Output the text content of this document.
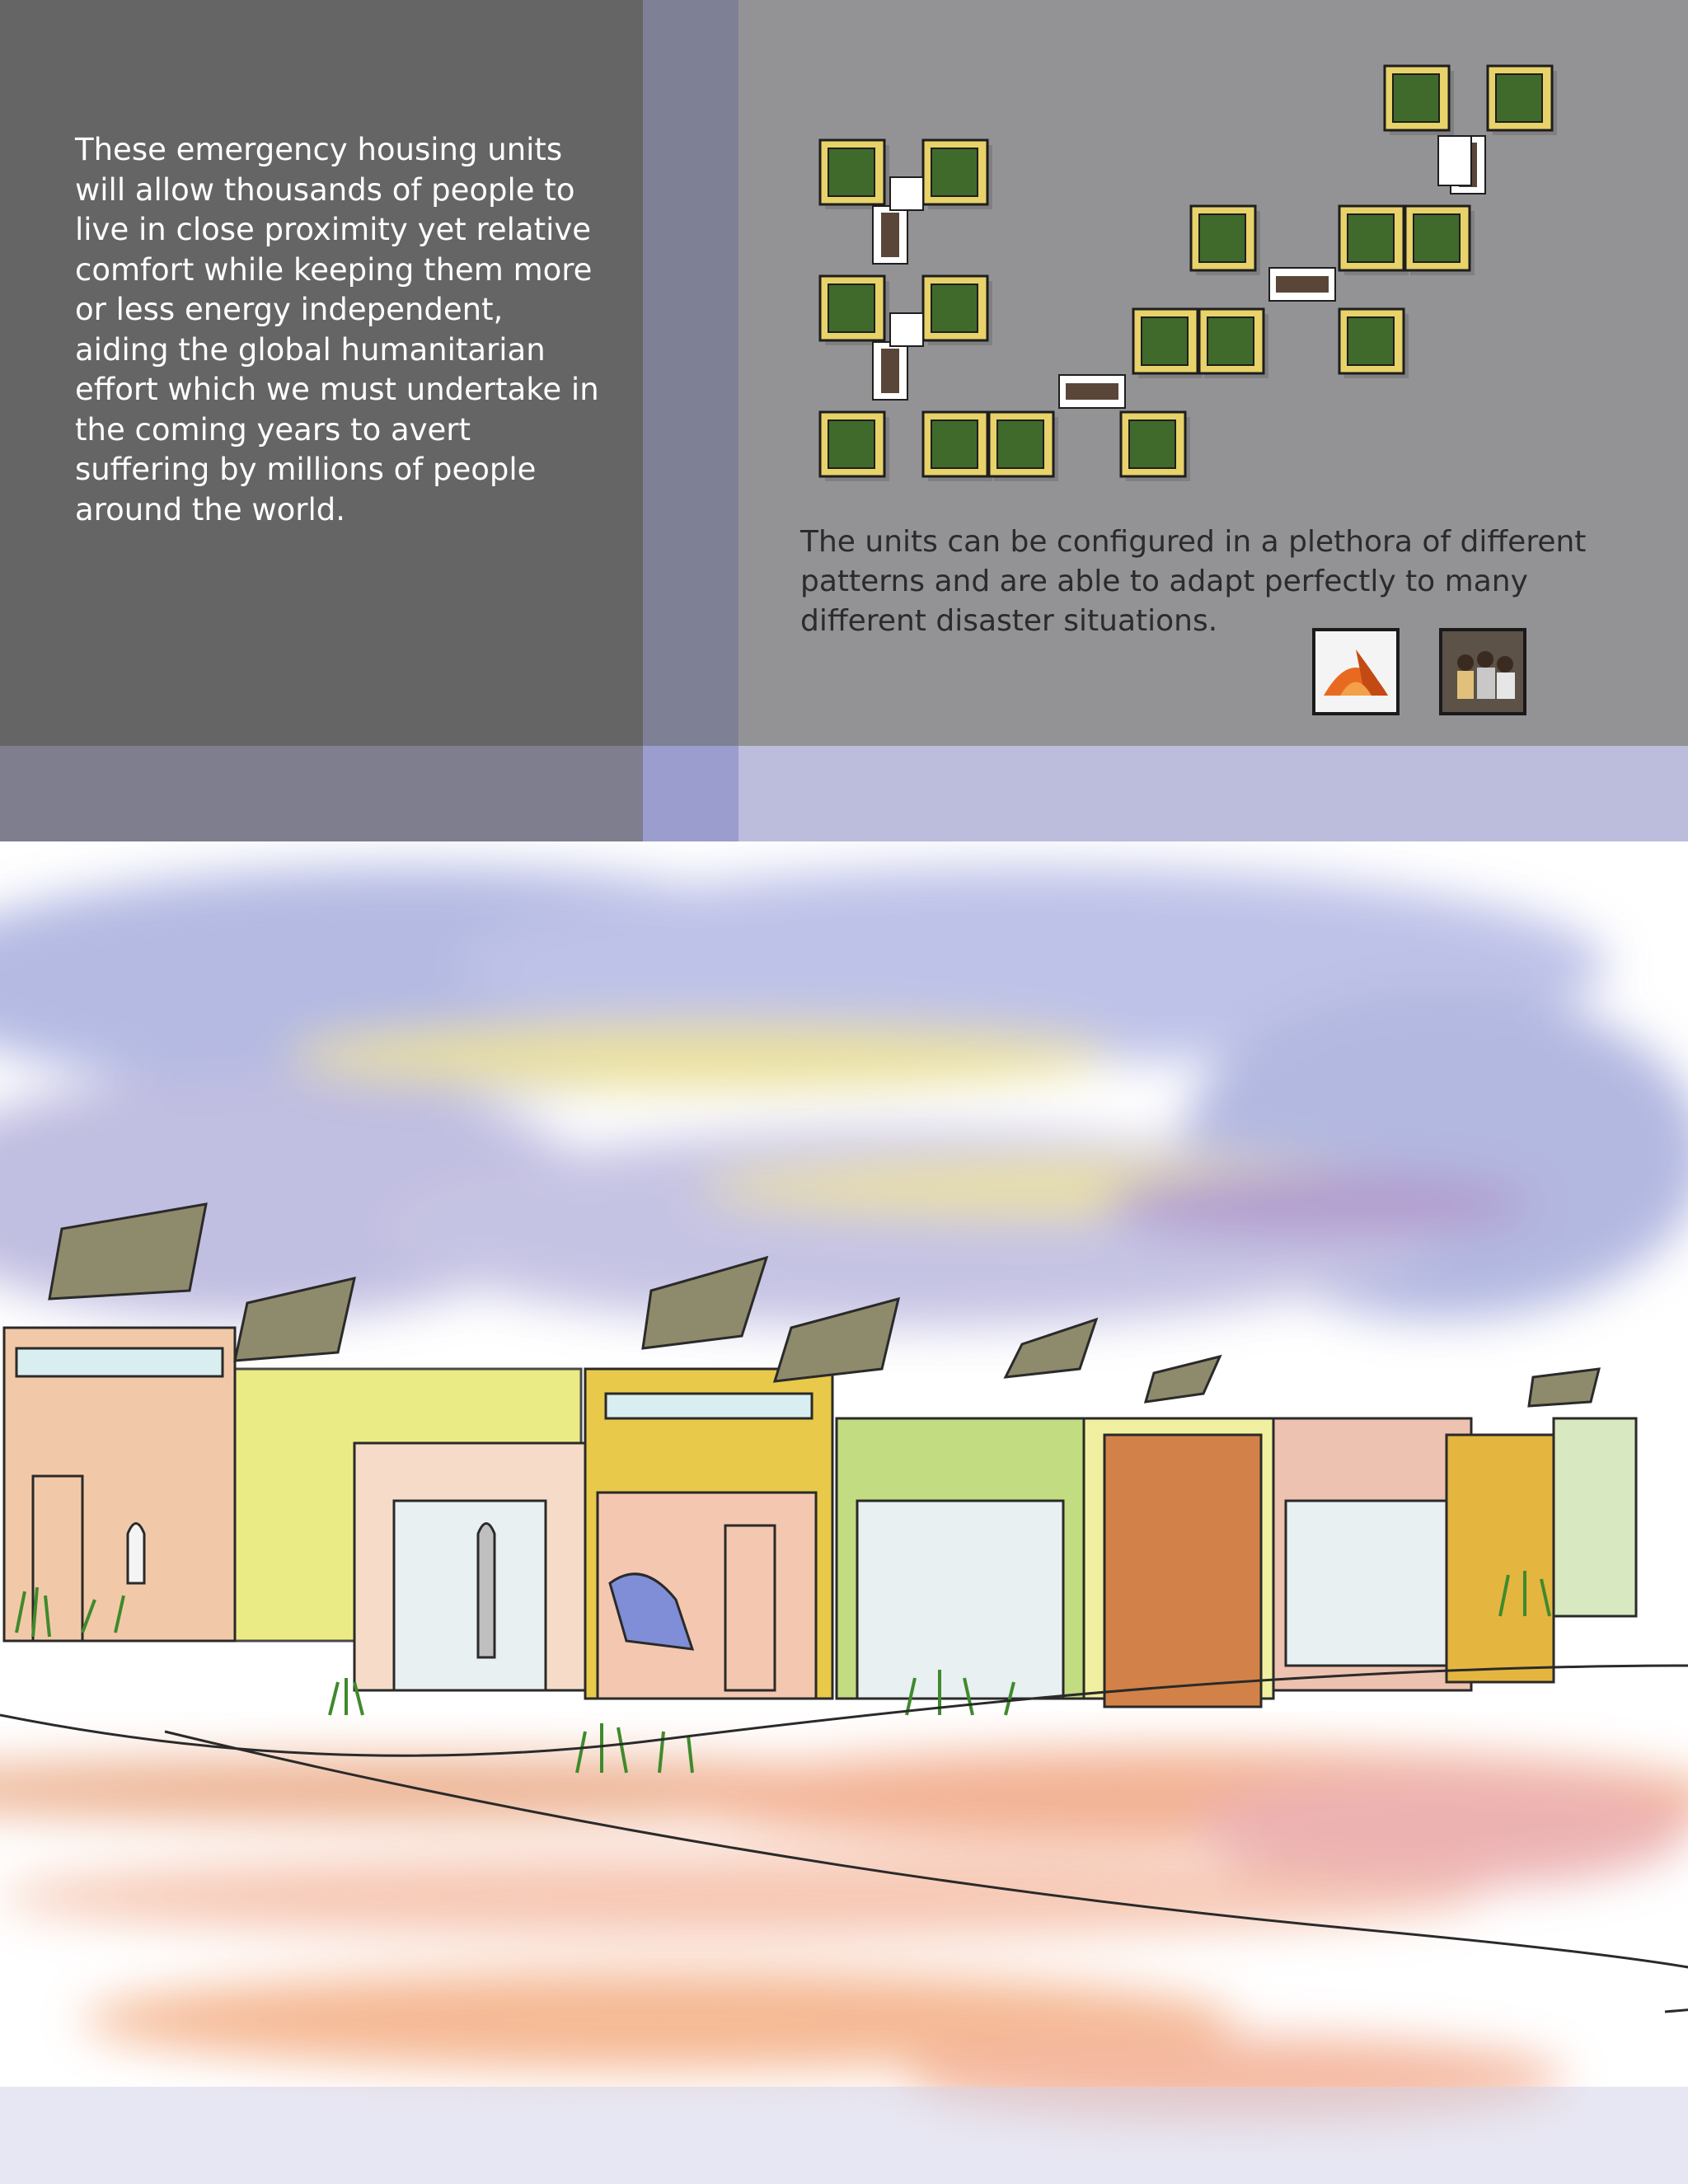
These emergency housing units will allow thousands of people to live in close proximity yet relative comfort while keeping them more or less energy independent, aiding the global humanitarian effort which we must undertake in the coming years to avert suffering by millions of people around the world.

The units can be configured in a plethora of different patterns and are able to adapt perfectly to many different disaster situations.
